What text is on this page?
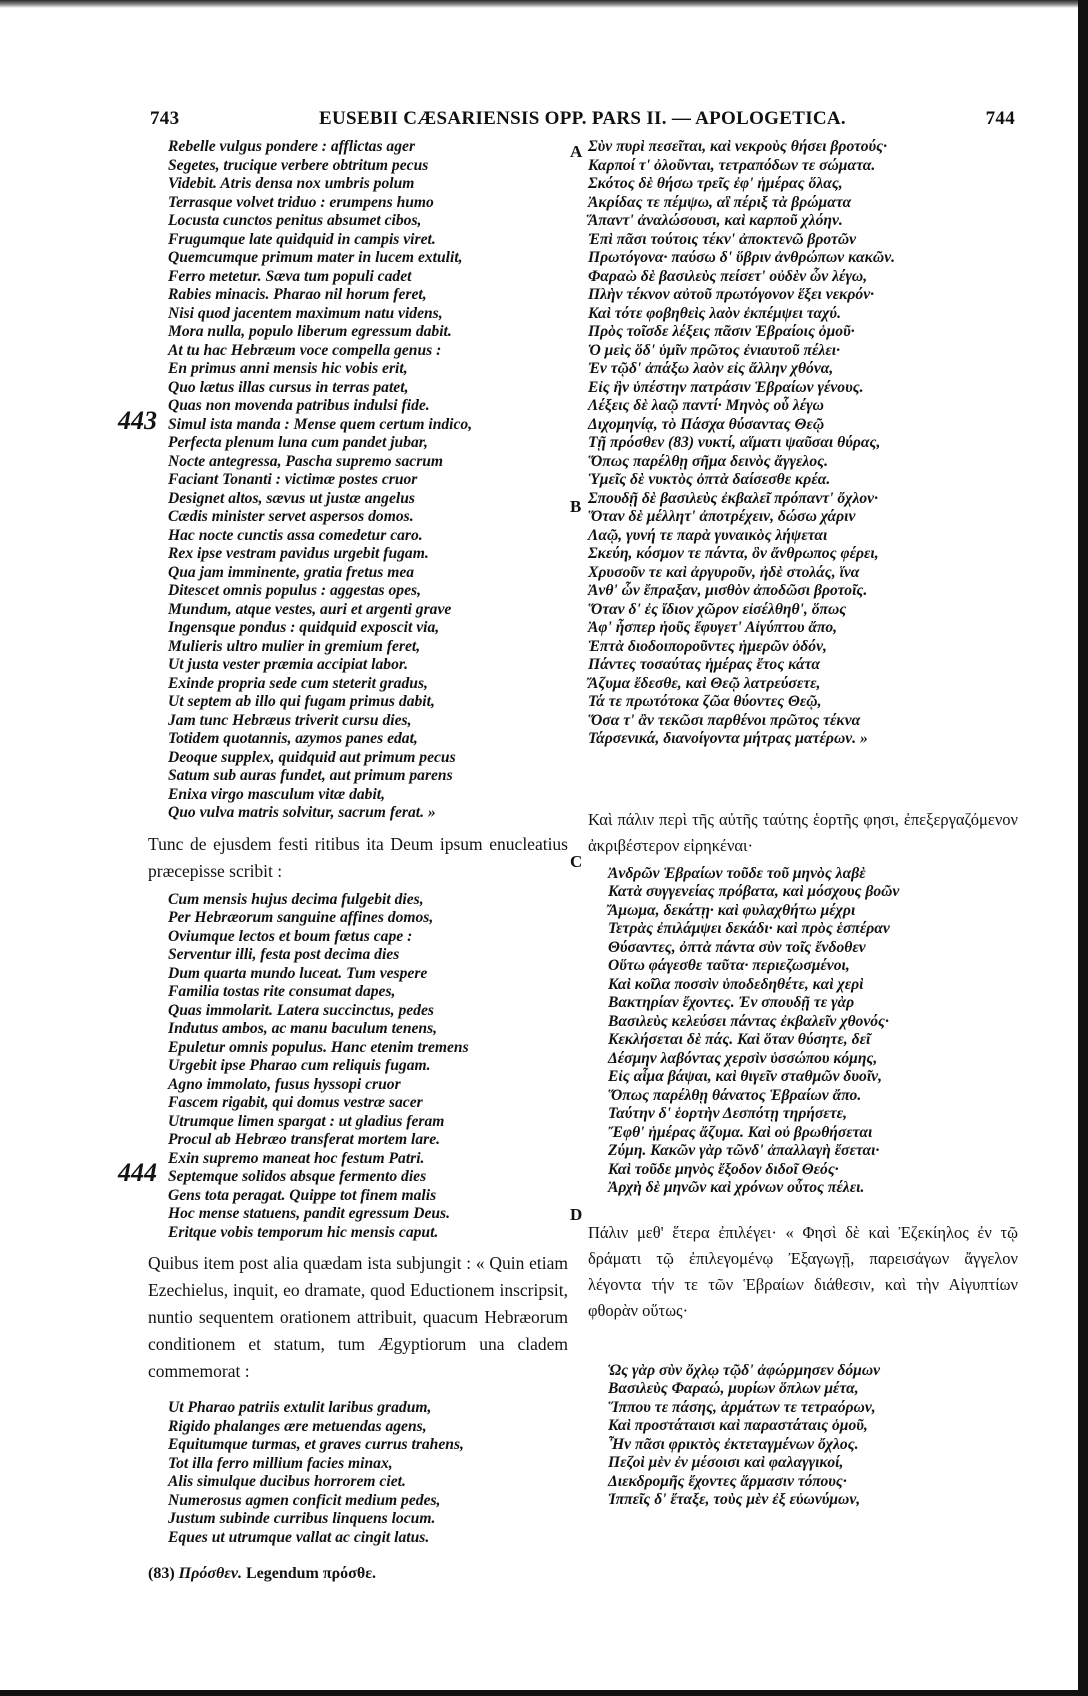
743	EUSEBII CÆSARIENSIS OPP. PARS II. — APOLOGETICA.	744
A
B
C
D
Rebelle vulgus pondere : afflictas ager
Segetes, trucique verbere obtritum pecus
Videbit. Atris densa nox umbris polum
Terrasque volvet triduo : erumpens humo
Locusta cunctos penitus absumet cibos,
Frugumque late quidquid in campis viret.
Quemcumque primum mater in lucem extulit,
Ferro metetur. Sæva tum populi cadet
Rabies minacis. Pharao nil horum feret,
Nisi quod jacentem maximum natu videns,
Mora nulla, populo liberum egressum dabit.
At tu hac Hebræum voce compella genus :
En primus anni mensis hic vobis erit,
Quo lætus illas cursus in terras patet,
Quas non movenda patribus indulsi fide.
Simul ista manda : Mense quem certum indico,
443
Perfecta plenum luna cum pandet jubar,
Nocte antegressa, Pascha supremo sacrum
Faciant Tonanti : victimæ postes cruor
Designet altos, sævus ut justæ angelus
Cædis minister servet aspersos domos.
Hac nocte cunctis assa comedetur caro.
Rex ipse vestram pavidus urgebit fugam.
Qua jam imminente, gratia fretus mea
Ditescet omnis populus : aggestas opes,
Mundum, atque vestes, auri et argenti grave
Ingensque pondus : quidquid exposcit via,
Mulieris ultro mulier in gremium feret,
Ut justa vester præmia accipiat labor.
Exinde propria sede cum steterit gradus,
Ut septem ab illo qui fugam primus dabit,
Jam tunc Hebræus triverit cursu dies,
Totidem quotannis, azymos panes edat,
Deoque supplex, quidquid aut primum pecus
Satum sub auras fundet, aut primum parens
Enixa virgo masculum vitæ dabit,
Quo vulva matris solvitur, sacrum ferat. »
Tunc de ejusdem festi ritibus ita Deum ipsum enucleatius præcepisse scribit :
Cum mensis hujus decima fulgebit dies,
Per Hebræorum sanguine affines domos,
Oviumque lectos et boum fœtus cape :
Serventur illi, festa post decima dies
Dum quarta mundo luceat. Tum vespere
Familia tostas rite consumat dapes,
Quas immolarit. Latera succinctus, pedes
Indutus ambos, ac manu baculum tenens,
Epuletur omnis populus. Hanc etenim tremens
Urgebit ipse Pharao cum reliquis fugam.
Agno immolato, fusus hyssopi cruor
Fascem rigabit, qui domus vestræ sacer
Utrumque limen spargat : ut gladius feram
Procul ab Hebræo transferat mortem lare.
Exin supremo maneat hoc festum Patri.
Septemque solidos absque fermento dies
444
Gens tota peragat. Quippe tot finem malis
Hoc mense statuens, pandit egressum Deus.
Eritque vobis temporum hic mensis caput.
Quibus item post alia quædam ista subjungit : « Quin etiam Ezechielus, inquit, eo dramate, quod Eductionem inscripsit, nuntio sequentem orationem attribuit, quacum Hebræorum conditionem et statum, tum Ægyptiorum una cladem commemorat :
Ut Pharao patriis extulit laribus gradum,
Rigido phalanges ære metuendas agens,
Equitumque turmas, et graves currus trahens,
Tot illa ferro millium facies minax,
Alis simulque ducibus horrorem ciet.
Numerosus agmen conficit medium pedes,
Justum subinde curribus linquens locum.
Eques ut utrumque vallat ac cingit latus.
(83) Πρόσθεν. Legendum πρόσθε.
Σὺν πυρὶ πεσεῖται, καὶ νεκροὺς θήσει βροτούς·
Καρποί τ' ὀλοῦνται, τετραπόδων τε σώματα.
Σκότος δὲ θήσω τρεῖς ἐφ' ἡμέρας ὅλας,
Ἀκρίδας τε πέμψω, αἳ πέριξ τὰ βρώματα
Ἅπαντ' ἀναλώσουσι, καὶ καρποῦ χλόην.
Ἐπὶ πᾶσι τούτοις τέκν' ἀποκτενῶ βροτῶν
Πρωτόγονα· παύσω δ' ὕβριν ἀνθρώπων κακῶν.
Φαραὼ δὲ βασιλεὺς πείσετ' οὐδὲν ὧν λέγω,
Πλὴν τέκνον αὐτοῦ πρωτόγονον ἕξει νεκρόν·
Καὶ τότε φοβηθεὶς λαὸν ἐκπέμψει ταχύ.
Πρὸς τοῖσδε λέξεις πᾶσιν Ἑβραίοις ὁμοῦ·
Ὁ μεὶς ὅδ' ὑμῖν πρῶτος ἐνιαυτοῦ πέλει·
Ἐν τῷδ' ἀπάξω λαὸν εἰς ἄλλην χθόνα,
Εἰς ἣν ὑπέστην πατράσιν Ἑβραίων γένους.
Λέξεις δὲ λαῷ παντί· Μηνὸς οὗ λέγω
Διχομηνίᾳ, τὸ Πάσχα θύσαντας Θεῷ
Τῇ πρόσθεν (83) νυκτί, αἵματι ψαῦσαι θύρας,
Ὅπως παρέλθῃ σῆμα δεινὸς ἄγγελος.
Ὑμεῖς δὲ νυκτὸς ὀπτὰ δαίσεσθε κρέα.
Σπουδῇ δὲ βασιλεὺς ἐκβαλεῖ πρόπαντ' ὄχλον·
Ὅταν δὲ μέλλητ' ἀποτρέχειν, δώσω χάριν
Λαῷ, γυνή τε παρὰ γυναικὸς λήψεται
Σκεύη, κόσμον τε πάντα, ὃν ἄνθρωπος φέρει,
Χρυσοῦν τε καὶ ἀργυροῦν, ἠδὲ στολάς, ἵνα
Ἀνθ' ὧν ἔπραξαν, μισθὸν ἀποδῶσι βροτοῖς.
Ὅταν δ' ἐς ἴδιον χῶρον εἰσέλθηθ', ὅπως
Ἀφ' ἧσπερ ἡοῦς ἔφυγετ' Αἰγύπτου ἄπο,
Ἑπτὰ διοδοιποροῦντες ἡμερῶν ὁδόν,
Πάντες τοσαύτας ἡμέρας ἔτος κάτα
Ἄζυμα ἔδεσθε, καὶ Θεῷ λατρεύσετε,
Τά τε πρωτότοκα ζῶα θύοντες Θεῷ,
Ὅσα τ' ἂν τεκῶσι παρθένοι πρῶτος τέκνα
Τάρσενικά, διανοίγοντα μήτρας ματέρων. »
Καὶ πάλιν περὶ τῆς αὐτῆς ταύτης ἑορτῆς φησι, ἐπεξεργαζόμενον ἀκριβέστερον εἰρηκέναι·
Ἀνδρῶν Ἑβραίων τοῦδε τοῦ μηνὸς λαβὲ
Κατὰ συγγενείας πρόβατα, καὶ μόσχους βοῶν
Ἄμωμα, δεκάτῃ· καὶ φυλαχθήτω μέχρι
Τετρὰς ἐπιλάμψει δεκάδι· καὶ πρὸς ἑσπέραν
Θύσαντες, ὀπτὰ πάντα σὺν τοῖς ἔνδοθεν
Οὕτω φάγεσθε ταῦτα· περιεζωσμένοι,
Καὶ κοῖλα ποσσὶν ὑποδεδηθέτε, καὶ χερὶ
Βακτηρίαν ἔχοντες. Ἐν σπουδῇ τε γὰρ
Βασιλεὺς κελεύσει πάντας ἐκβαλεῖν χθονός·
Κεκλήσεται δὲ πάς. Καὶ ὅταν θύσητε, δεῖ
Δέσμην λαβόντας χερσὶν ὑσσώπου κόμης,
Εἰς αἷμα βάψαι, καὶ θιγεῖν σταθμῶν δυοῖν,
Ὅπως παρέλθῃ θάνατος Ἑβραίων ἄπο.
Ταύτην δ' ἑορτὴν Δεσπότῃ τηρήσετε,
Ἔφθ' ἡμέρας ἄζυμα. Καὶ οὐ βρωθήσεται
Ζύμη. Κακῶν γὰρ τῶνδ' ἀπαλλαγὴ ἔσεται·
Καὶ τοῦδε μηνὸς ἔξοδον διδοῖ Θεός·
Ἀρχὴ δὲ μηνῶν καὶ χρόνων οὗτος πέλει.
Πάλιν μεθ' ἕτερα ἐπιλέγει· « Φησὶ δὲ καὶ Ἐζεκίηλος ἐν τῷ δράματι τῷ ἐπιλεγομένῳ Ἐξαγωγῇ, παρεισάγων ἄγγελον λέγοντα τήν τε τῶν Ἑβραίων διάθεσιν, καὶ τὴν Αἰγυπτίων φθορὰν οὕτως·
Ὡς γὰρ σὺν ὄχλῳ τῷδ' ἀφώρμησεν δόμων
Βασιλεὺς Φαραώ, μυρίων ὅπλων μέτα,
Ἵππου τε πάσης, ἁρμάτων τε τετραόρων,
Καὶ προστάταισι καὶ παραστάταις ὁμοῦ,
Ἦν πᾶσι φρικτὸς ἐκτεταγμένων ὄχλος.
Πεζοὶ μὲν ἐν μέσοισι καὶ φαλαγγικοί,
Διεκδρομῆς ἔχοντες ἅρμασιν τόπους·
Ἱππεῖς δ' ἔταξε, τοὺς μὲν ἐξ εὐωνύμων,
